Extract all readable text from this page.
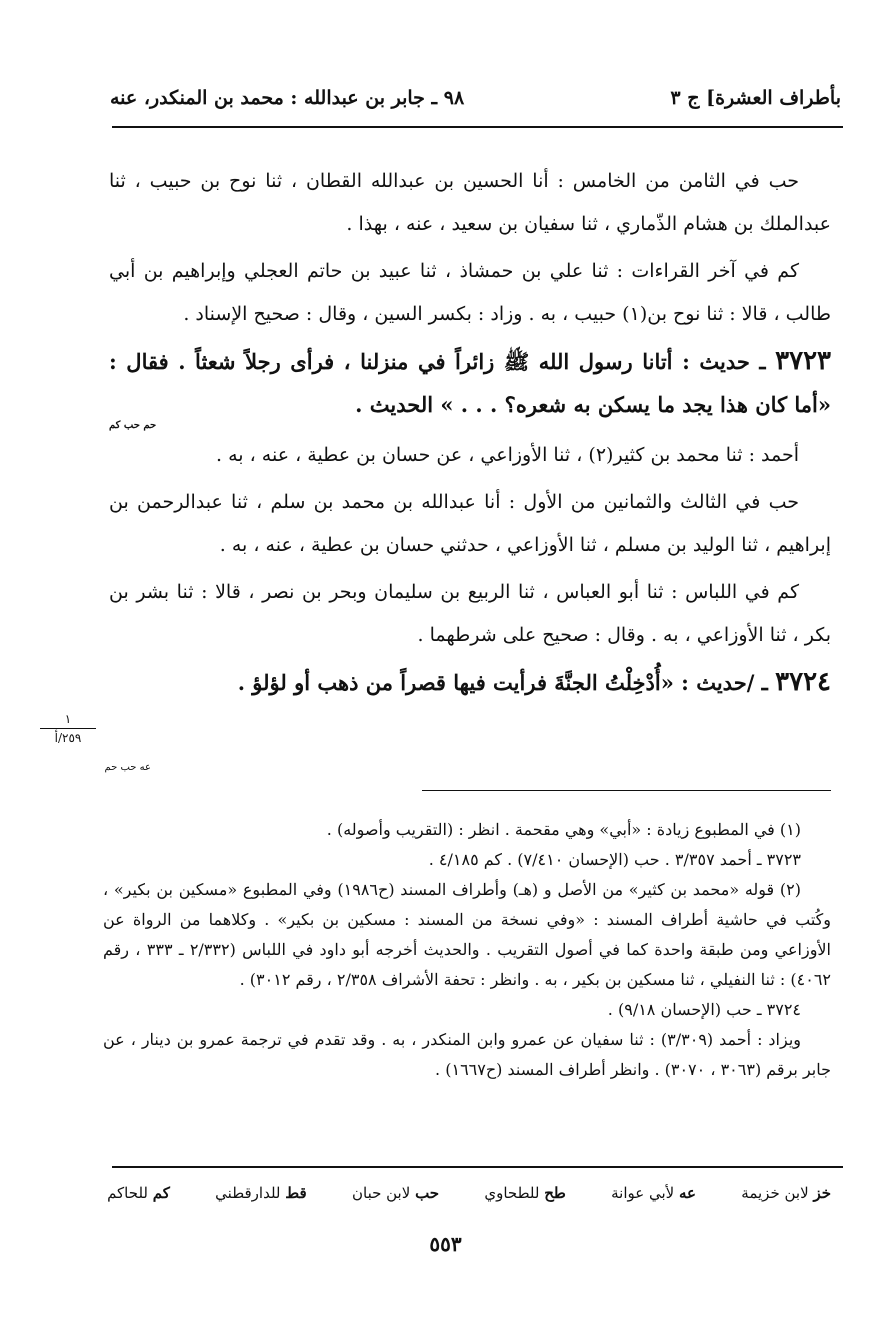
بأطراف العشرة] ج ٣
٩٨ ـ جابر بن عبدالله : محمد بن المنكدر، عنه

حب في الثامن من الخامس : أنا الحسين بن عبدالله القطان ، ثنا نوح بن حبيب ، ثنا عبدالملك بن هشام الذّماري ، ثنا سفيان بن سعيد ، عنه ، بهذا .

كم في آخر القراءات : ثنا علي بن حمشاذ ، ثنا عبيد بن حاتم العجلي وإبراهيم بن أبي طالب ، قالا : ثنا نوح بن(١) حبيب ، به . وزاد : بكسر السين ، وقال : صحيح الإسناد .

٣٧٢٣ ـ حديث : أتانا رسول الله ﷺ زائراً في منزلنا ، فرأى رجلاً شعثاً . فقال : «أما كان هذا يجد ما يسكن به شعره؟ . . . » الحديث .
حم حب كم

أحمد : ثنا محمد بن كثير(٢) ، ثنا الأوزاعي ، عن حسان بن عطية ، عنه ، به .

حب في الثالث والثمانين من الأول : أنا عبدالله بن محمد بن سلم ، ثنا عبدالرحمن بن إبراهيم ، ثنا الوليد بن مسلم ، ثنا الأوزاعي ، حدثني حسان بن عطية ، عنه ، به .

كم في اللباس : ثنا أبو العباس ، ثنا الربيع بن سليمان وبحر بن نصر ، قالا : ثنا بشر بن بكر ، ثنا الأوزاعي ، به . وقال : صحيح على شرطهما .

٣٧٢٤ ـ /حديث : «أُدْخِلْتُ الجنَّةَ فرأيت فيها قصراً من ذهب أو لؤلؤ .

عه حب حم
١
٢٥٩/أ

(١) في المطبوع زيادة : «أبي» وهي مقحمة . انظر : (التقريب وأصوله) .

٣٧٢٣ ـ أحمد ٣/٣٥٧ . حب (الإحسان ٧/٤١٠) . كم ٤/١٨٥ .

(٢) قوله «محمد بن كثير» من الأصل و (هـ) وأطراف المسند (ح١٩٨٦) وفي المطبوع «مسكين بن بكير» ، وكُتب في حاشية أطراف المسند : «وفي نسخة من المسند : مسكين بن بكير» . وكلاهما من الرواة عن الأوزاعي ومن طبقة واحدة كما في أصول التقريب . والحديث أخرجه أبو داود في اللباس (٢/٣٣٢ ـ ٣٣٣ ، رقم ٤٠٦٢) : ثنا النفيلي ، ثنا مسكين بن بكير ، به . وانظر : تحفة الأشراف ٢/٣٥٨ ، رقم ٣٠١٢) .

٣٧٢٤ ـ حب (الإحسان ٩/١٨) .

ويزاد : أحمد (٣/٣٠٩) : ثنا سفيان عن عمرو وابن المنكدر ، به . وقد تقدم في ترجمة عمرو بن دينار ، عن جابر برقم (٣٠٦٣ ، ٣٠٧٠) . وانظر أطراف المسند (ح١٦٦٧) .

خز لابن خزيمة
عه لأبي عوانة
طح للطحاوي
حب لابن حبان
قط للدارقطني
كم للحاكم
٥٥٣
